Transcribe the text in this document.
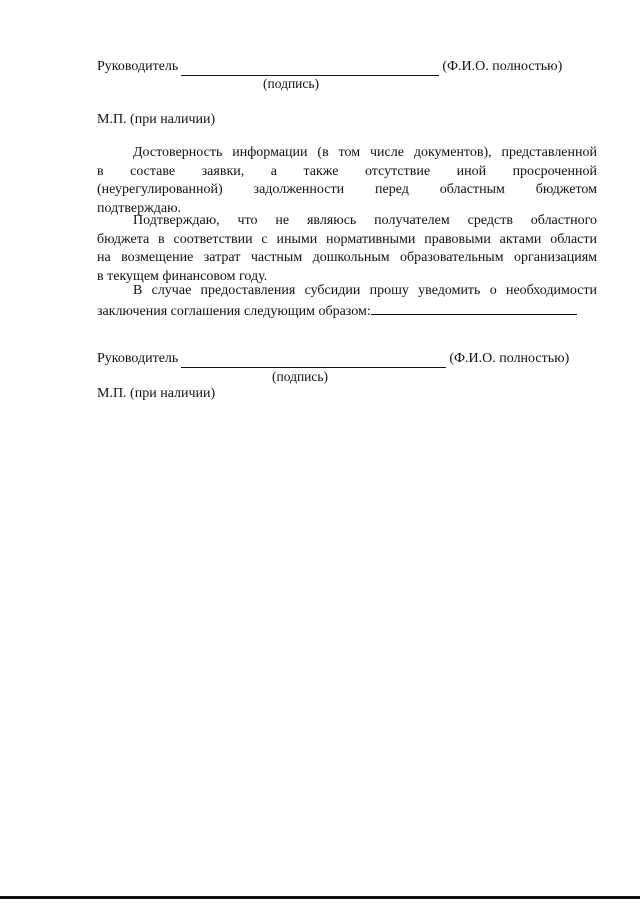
Руководитель	(Ф.И.О. полностью)
(подпись)
М.П. (при наличии)
Достоверность информации (в том числе документов), представленной
в составе заявки, а также отсутствие иной просроченной
(неурегулированной) задолженности перед областным бюджетом
подтверждаю.
Подтверждаю, что не являюсь получателем средств областного
бюджета в соответствии с иными нормативными правовыми актами области
на возмещение затрат частным дошкольным образовательным организациям
в текущем финансовом году.
В случае предоставления субсидии прошу уведомить о необходимости
заключения соглашения следующим образом:
Руководитель	(Ф.И.О. полностью)
(подпись)
М.П. (при наличии)
